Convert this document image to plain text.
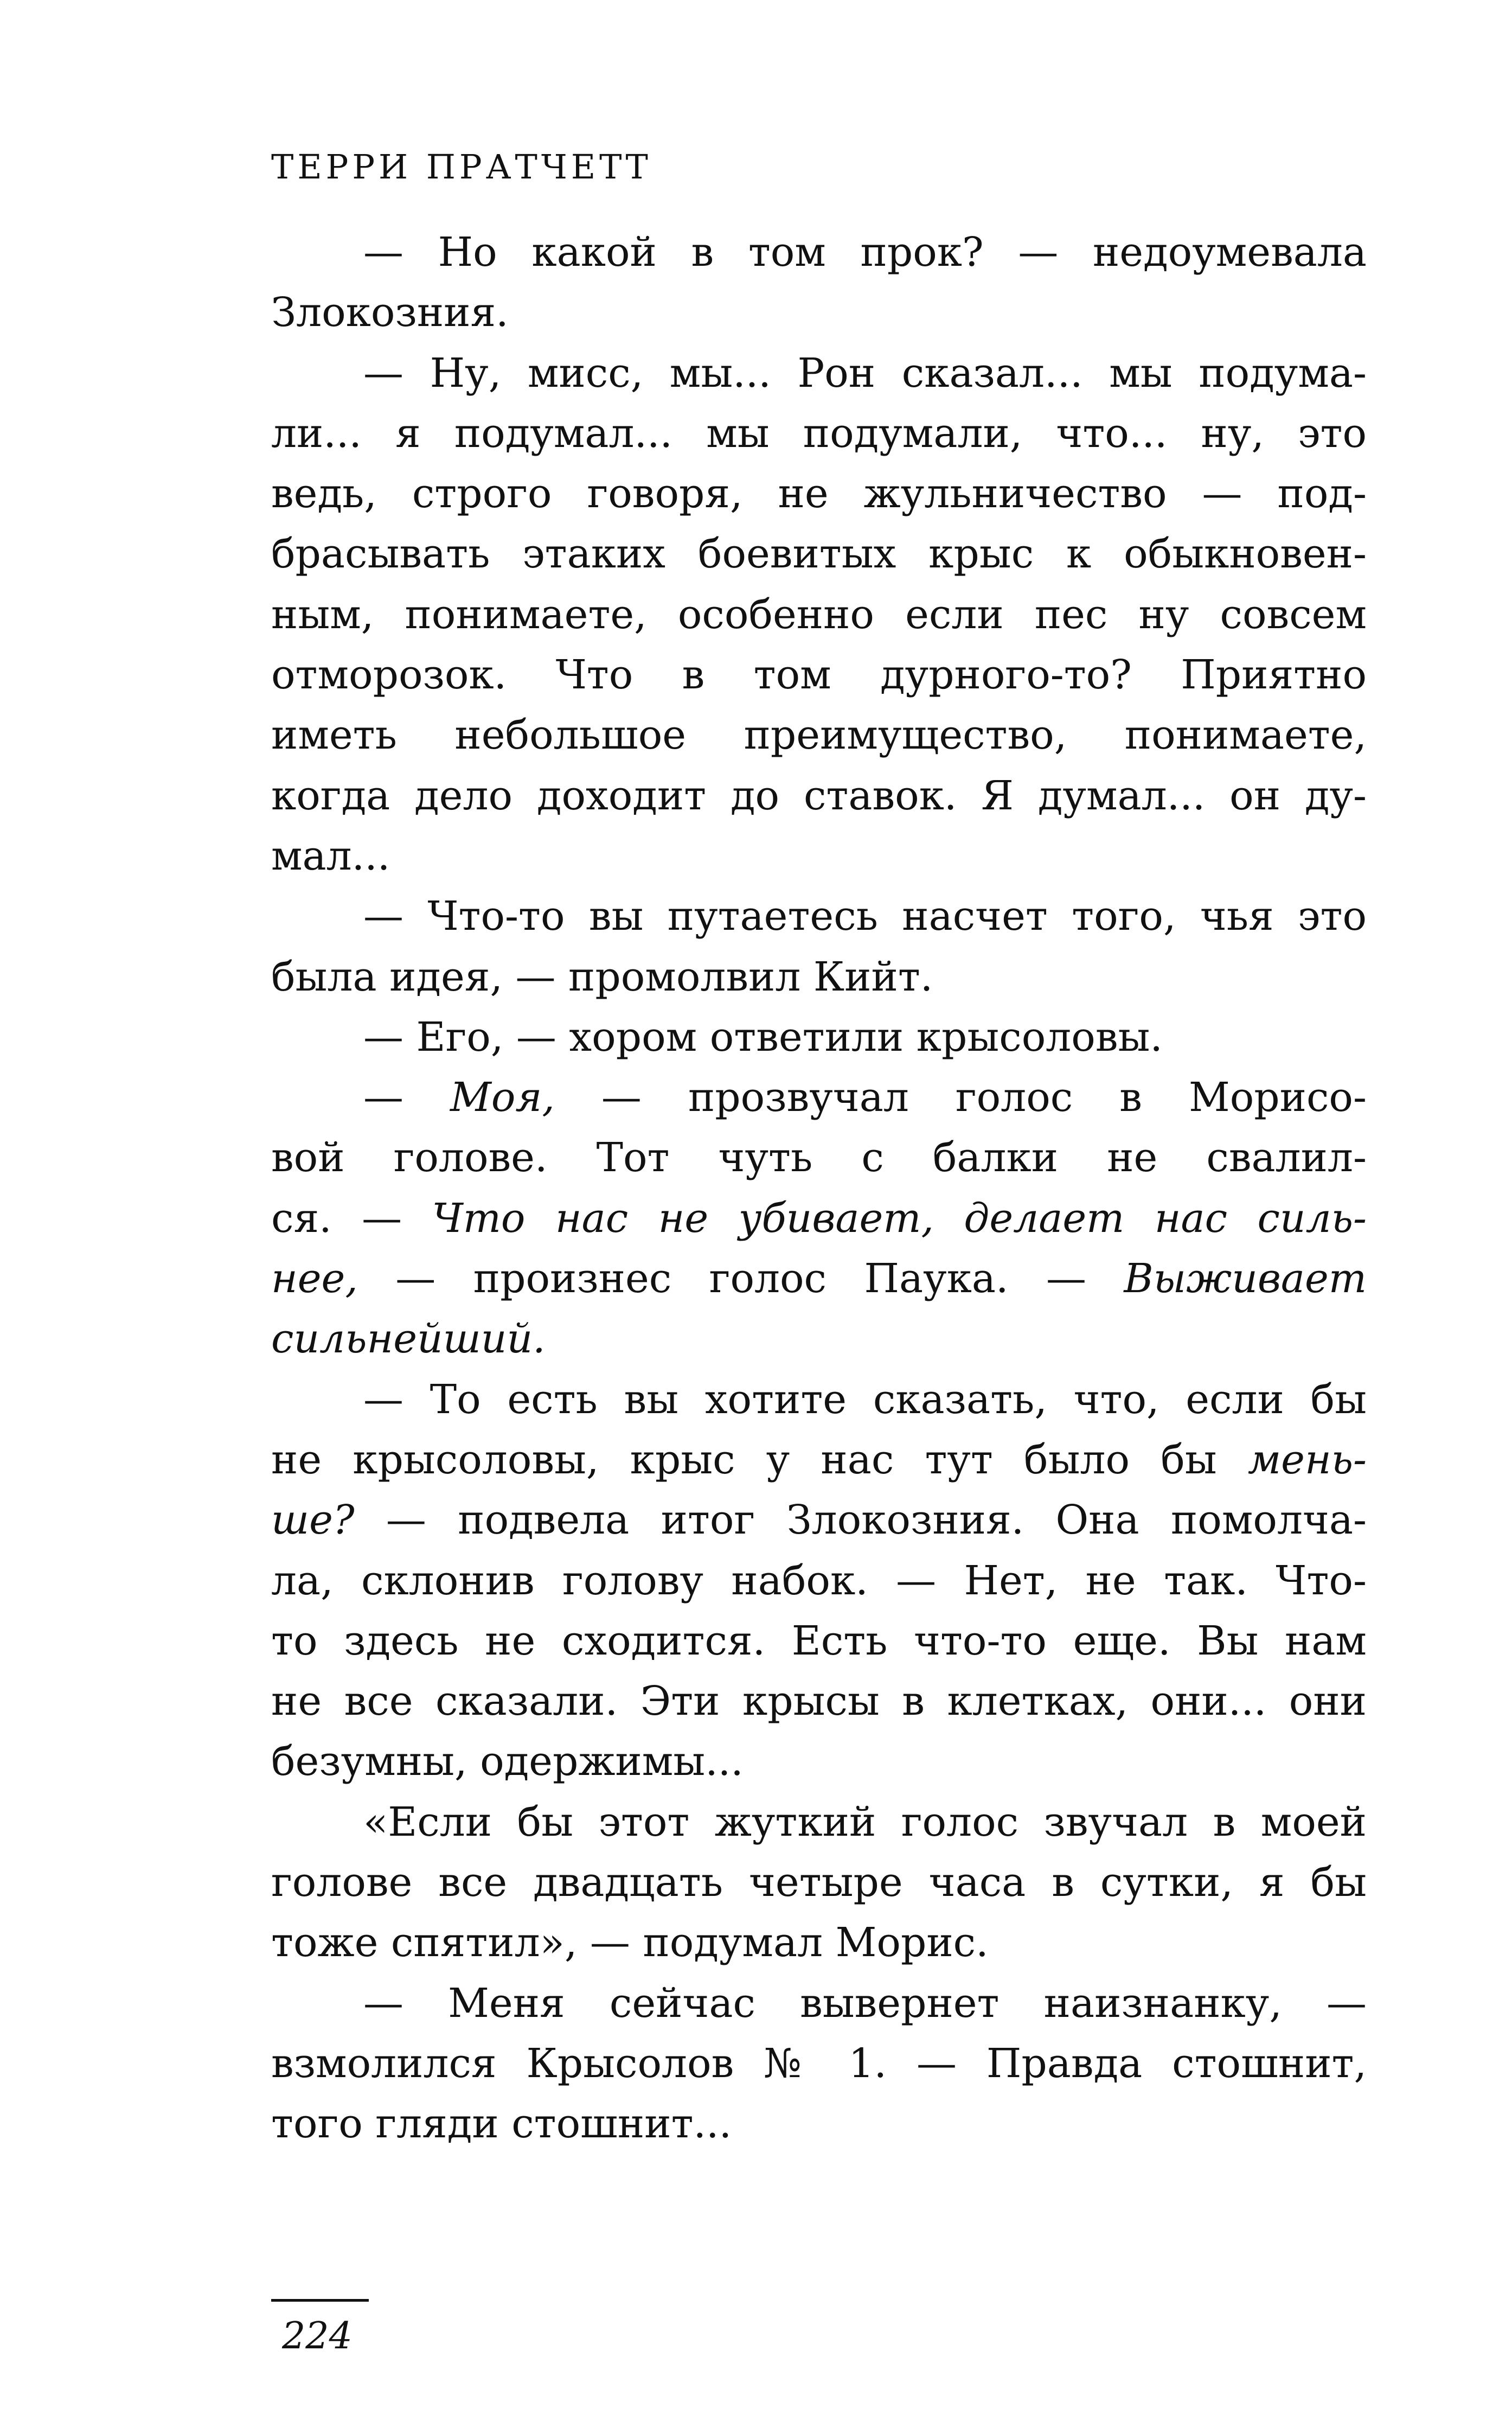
ТЕРРИ ПРАТЧЕТТ
— Но какой в том прок? — недоумевала
Злокозния.
— Ну, мисс, мы... Рон сказал... мы подума-
ли... я подумал... мы подумали, что... ну, это
ведь, строго говоря, не жульничество — под-
брасывать этаких боевитых крыс к обыкновен-
ным, понимаете, особенно если пес ну совсем
отморозок. Что в том дурного-то? Приятно
иметь небольшое преимущество, понимаете,
когда дело доходит до ставок. Я думал... он ду-
мал...
— Что-то вы путаетесь насчет того, чья это
была идея, — промолвил Кийт.
— Его, — хором ответили крысоловы.
— Моя, — прозвучал голос в Морисо-
вой голове. Тот чуть с балки не свалил-
ся. — Что нас не убивает, делает нас силь-
нее, — произнес голос Паука. — Выживает
сильнейший.
— То есть вы хотите сказать, что, если бы
не крысоловы, крыс у нас тут было бы мень-
ше? — подвела итог Злокозния. Она помолча-
ла, склонив голову набок. — Нет, не так. Что-
то здесь не сходится. Есть что-то еще. Вы нам
не все сказали. Эти крысы в клетках, они... они
безумны, одержимы...
«Если бы этот жуткий голос звучал в моей
голове все двадцать четыре часа в сутки, я бы
тоже спятил», — подумал Морис.
— Меня сейчас вывернет наизнанку, —
взмолился Крысолов № 1. — Правда стошнит,
того гляди стошнит...
224
